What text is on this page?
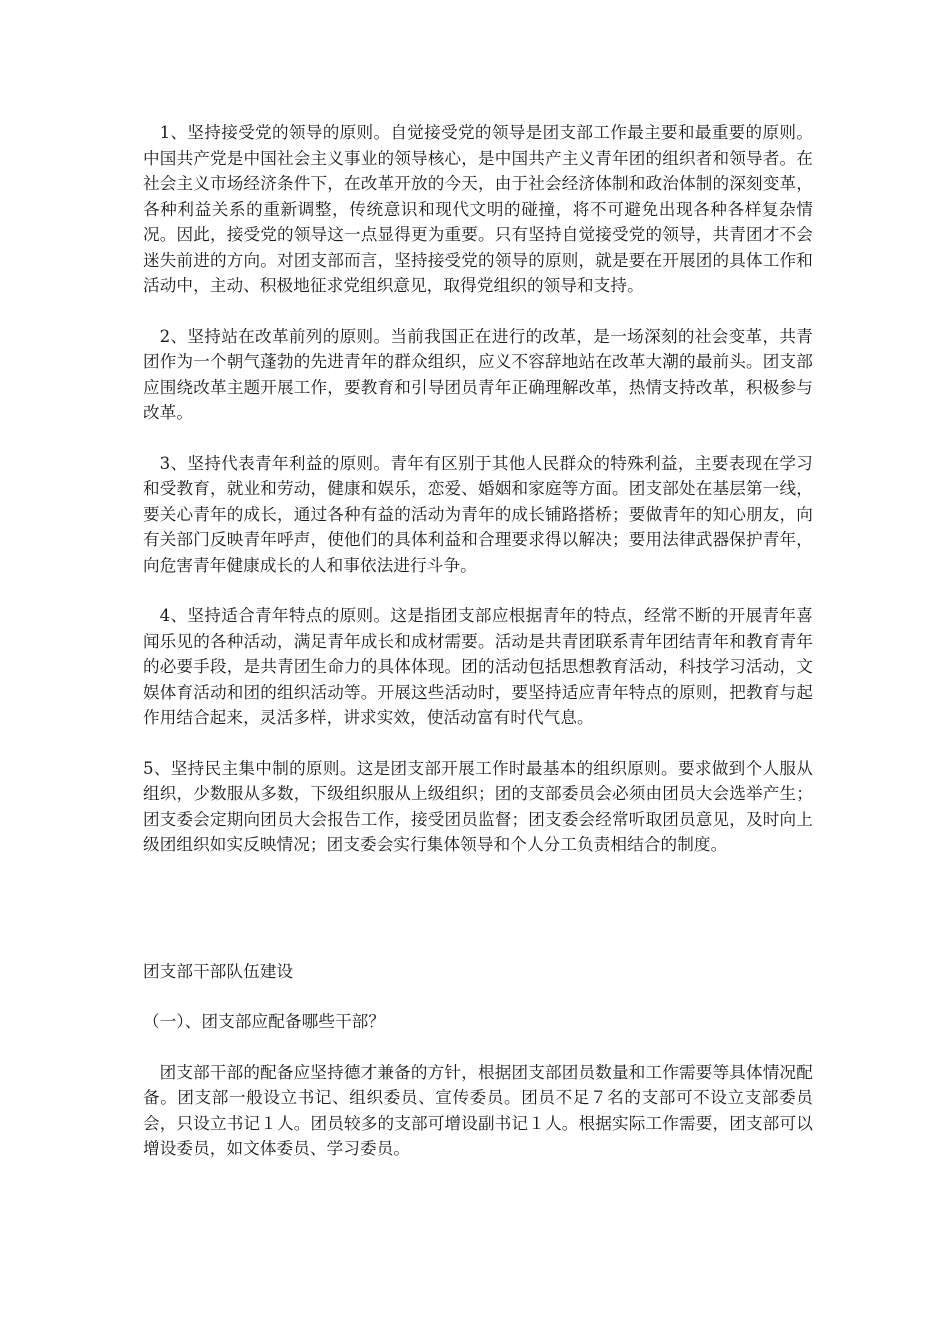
1、坚持接受党的领导的原则。自觉接受党的领导是团支部工作最主要和最重要的原则。中国共产党是中国社会主义事业的领导核心，是中国共产主义青年团的组织者和领导者。在社会主义市场经济条件下，在改革开放的今天，由于社会经济体制和政治体制的深刻变革，各种利益关系的重新调整，传统意识和现代文明的碰撞，将不可避免出现各种各样复杂情况。因此，接受党的领导这一点显得更为重要。只有坚持自觉接受党的领导，共青团才不会迷失前进的方向。对团支部而言，坚持接受党的领导的原则，就是要在开展团的具体工作和活动中，主动、积极地征求党组织意见，取得党组织的领导和支持。

2、坚持站在改革前列的原则。当前我国正在进行的改革，是一场深刻的社会变革，共青团作为一个朝气蓬勃的先进青年的群众组织，应义不容辞地站在改革大潮的最前头。团支部应围绕改革主题开展工作，要教育和引导团员青年正确理解改革，热情支持改革，积极参与改革。

3、坚持代表青年利益的原则。青年有区别于其他人民群众的特殊利益，主要表现在学习和受教育，就业和劳动，健康和娱乐，恋爱、婚姻和家庭等方面。团支部处在基层第一线，要关心青年的成长，通过各种有益的活动为青年的成长铺路搭桥；要做青年的知心朋友，向有关部门反映青年呼声，使他们的具体利益和合理要求得以解决；要用法律武器保护青年，向危害青年健康成长的人和事依法进行斗争。

4、坚持适合青年特点的原则。这是指团支部应根据青年的特点，经常不断的开展青年喜闻乐见的各种活动，满足青年成长和成材需要。活动是共青团联系青年团结青年和教育青年的必要手段，是共青团生命力的具体体现。团的活动包括思想教育活动，科技学习活动，文娱体育活动和团的组织活动等。开展这些活动时，要坚持适应青年特点的原则，把教育与起作用结合起来，灵活多样，讲求实效，使活动富有时代气息。

5、坚持民主集中制的原则。这是团支部开展工作时最基本的组织原则。要求做到个人服从组织，少数服从多数，下级组织服从上级组织；团的支部委员会必须由团员大会选举产生；团支委会定期向团员大会报告工作，接受团员监督；团支委会经常听取团员意见，及时向上级团组织如实反映情况；团支委会实行集体领导和个人分工负责相结合的制度。

团支部干部队伍建设

（一）、团支部应配备哪些干部？

团支部干部的配备应坚持德才兼备的方针，根据团支部团员数量和工作需要等具体情况配备。团支部一般设立书记、组织委员、宣传委员。团员不足７名的支部可不设立支部委员会，只设立书记１人。团员较多的支部可增设副书记１人。根据实际工作需要，团支部可以增设委员，如文体委员、学习委员。
